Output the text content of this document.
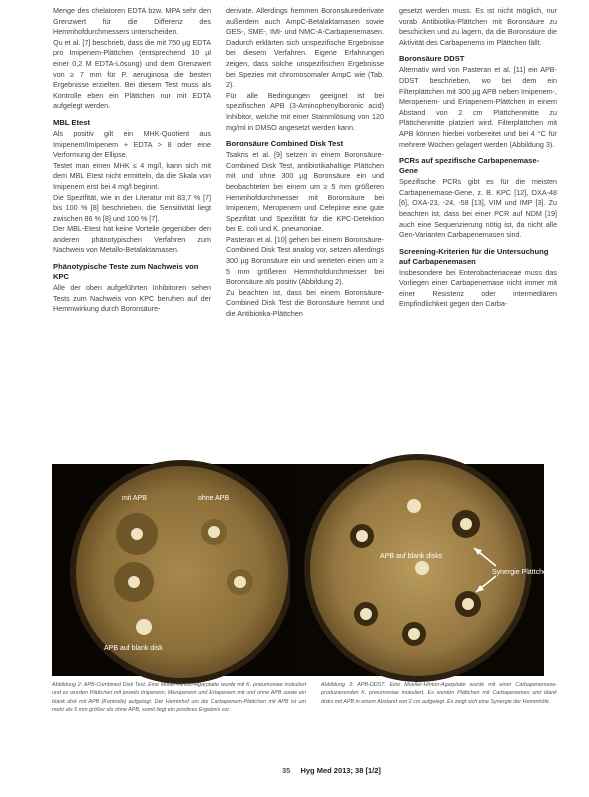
Menge des chelatoren EDTA bzw. MPA sehr den Grenzwert für die Differenz des Hemmhofdurchmessers unterscheiden.

Qu et al. [7] beschrieb, dass die mit 750 µg EDTA pro Imipenem-Plättchen (entsprechend 10 µl einer 0,2 M EDTA-Lösung) und dem Grenzwert von ≥ 7 mm für P. aeruginosa die besten Ergebnisse erzielten. Bei diesem Test muss als Kontrolle eben ein Plättchen nur mit EDTA aufgelegt werden.

MBL Etest

Als positiv gilt ein MHK-Quotient aus Imipenem/Imipenem + EDTA > 8 oder eine Verformung der Ellipse.

Testet man einen MHK ≤ 4 mg/l, kann sich mit dem MBL Etest nicht ermitteln, da die Skala von Imipenem erst bei 4 mg/l beginnt.

Die Spezifität, wie in der Literatur mit 83,7 % [7] bis 100 % [8] beschrieben, die Sensitivität liegt zwischen 86 % [8] und 100 % [7].

Der MBL-Etest hat keine Vorteile gegenüber den anderen phänotypischen Verfahren zum Nachweis von Metallo-Betalaktamasen.

Phänotypische Teste zum Nachweis von KPC

Alle der oben aufgeführten Inhibitoren sehen Tests zum Nachweis von KPC beruhen auf der Hemmwirkung durch Boronsäure-

derivate. Allerdings hemmen Boronsäurederivate außerdem auch AmpC-Betalaktamasen sowie GES-, SME-, IMI- und NMC-A-Carbapenemasen. Dadurch erklärten sich unspezifische Ergebnisse bei diesem Verfahren. Eigene Erfahrungen zeigen, dass solche unspezifischen Ergebnisse bei Spezies mit chromosomaler AmpC wie (Tab. 2).

Für alle Bedingungen geeignet ist bei spezifischen APB (3-Aminophenylboronic acid) Inhibitor, welche mit einer Stammlösung von 120 mg/ml in DMSO angesetzt werden kann.

Boronsäure Combined Disk Test

Tsakris et al. [9] setzen in einem Boronsäure-Combined Disk Test, antibiotikahaltige Plättchen mit und ohne 300 µg Boronsäure ein und beobachteten bei einem um ≥ 5 mm größeren Hemmhofdurchmesser mit Boronsäure bei Imipenem, Meropenem und Cefepime eine gute Spezifität und Spezifität für die KPC-Detektion bei E. coli und K. pneumoniae.

Pasteran et al. [10] gehen bei einem Boronsäure-Combined Disk Test analog vor, setzen allerdings 300 µg Boronsäure ein und werteten einen um ≥ 5 mm größeren Hemmhofdurchmesser bei Boronsäure als positiv (Abbildung 2).

Zu beachten ist, dass bei einem Boronsäure-Combined Disk Test die Boronsäure hemmt und die Antibiotika-Plättchen

gesetzt werden muss. Es ist nicht möglich, nur vorab Antibiotika-Plättchen mit Boronsäure zu beschicken und zu lagern, da die Boronsäure die Aktivität des Carbapenems im Plättchen fällt.

Boronsäure DDST

Alternativ wird von Pasteran et al. [11] ein APB-DDST beschrieben, wo bei dem ein Filterplättchen mit 300 µg APB neben Imipenem-, Meropenem- und Ertapenem-Plättchen in einem Abstand von 2 cm Plättchenmitte zu Plättchenmitte platziert wird. Filterplättchen mit APB können hierbei vorbereitet und bei 4 °C für mehrere Wochen gelagert werden (Abbildung 3).

PCRs auf spezifische Carbapenemase-Gene

Spezifische PCRs gibt es für die meisten Carbapenemase-Gene, z. B. KPC [12], OXA-48 [6], OXA-23, -24, -58 [13], VIM und IMP [3]. Zu beachten ist, dass bei einer PCR auf NDM [19] auch eine Sequenzierung nötig ist, da nicht alle Gen-Varianten Carbapenemasen sind.

Screening-Kriterien für die Untersuchung auf Carbapenemasen

Insbesondere bei Enterobacteriaceae muss das Vorliegen einer Carbapenemase nicht immer mit einer Resistenz oder intermediären Empfindlichkeit gegen den Carba-

mit APB	ohne APB
APB auf blank disk
APB auf blank disks
Synergie Plättchen
Abbildung 2: APB-Combined Disk Test. Eine Muller-Hinton-Agarplatte wurde mit K. pneumoniae inokuliert und es wurden Plättchen mit jeweils Imipenem, Meropenem und Ertapenem mit und ohne APB sowie ein blank disk mit APB (Kontrolle) aufgelegt. Der Hemmhof um die Carbapenem-Plättchen mit APB ist um mehr als 5 mm größer als ohne APB, somit liegt ein positives Ergebnis vor.
Abbildung 3: APB-DDST. Eine Mueller-Hinton-Agarplatte wurde mit einer Carbapenemase-produzierenden K. pneumoniae inokuliert. Es wurden Plättchen mit Carbapenemen und blank disks mit APB in einem Abstand von 2 cm aufgelegt. Es zeigt sich eine Synergie der Hemmhöfe.
35 Hyg Med 2013; 38 [1/2]
